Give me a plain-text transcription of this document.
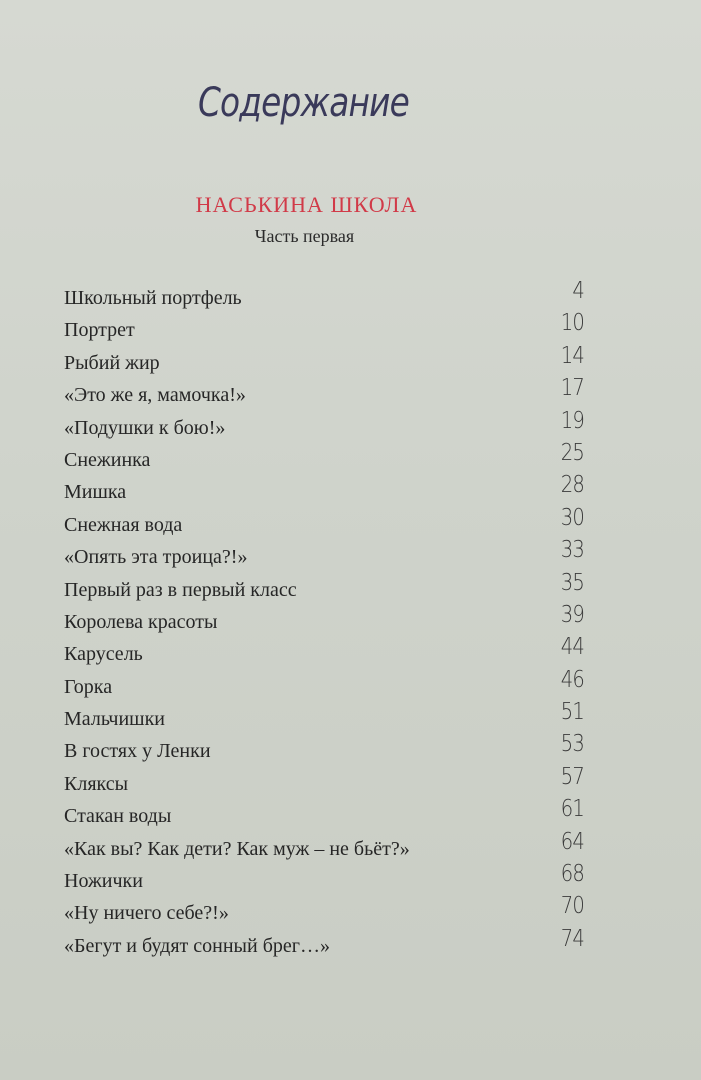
Содержание
НАСЬКИНА ШКОЛА
Часть первая
Школьный портфель	4
Портрет	10
Рыбий жир	14
«Это же я, мамочка!»	17
«Подушки к бою!»	19
Снежинка	25
Мишка	28
Снежная вода	30
«Опять эта троица?!»	33
Первый раз в первый класс	35
Королева красоты	39
Карусель	44
Горка	46
Мальчишки	51
В гостях у Ленки	53
Кляксы	57
Стакан воды	61
«Как вы? Как дети? Как муж – не бьёт?»	64
Ножички	68
«Ну ничего себе?!»	70
«Бегут и будят сонный брег…»	74
